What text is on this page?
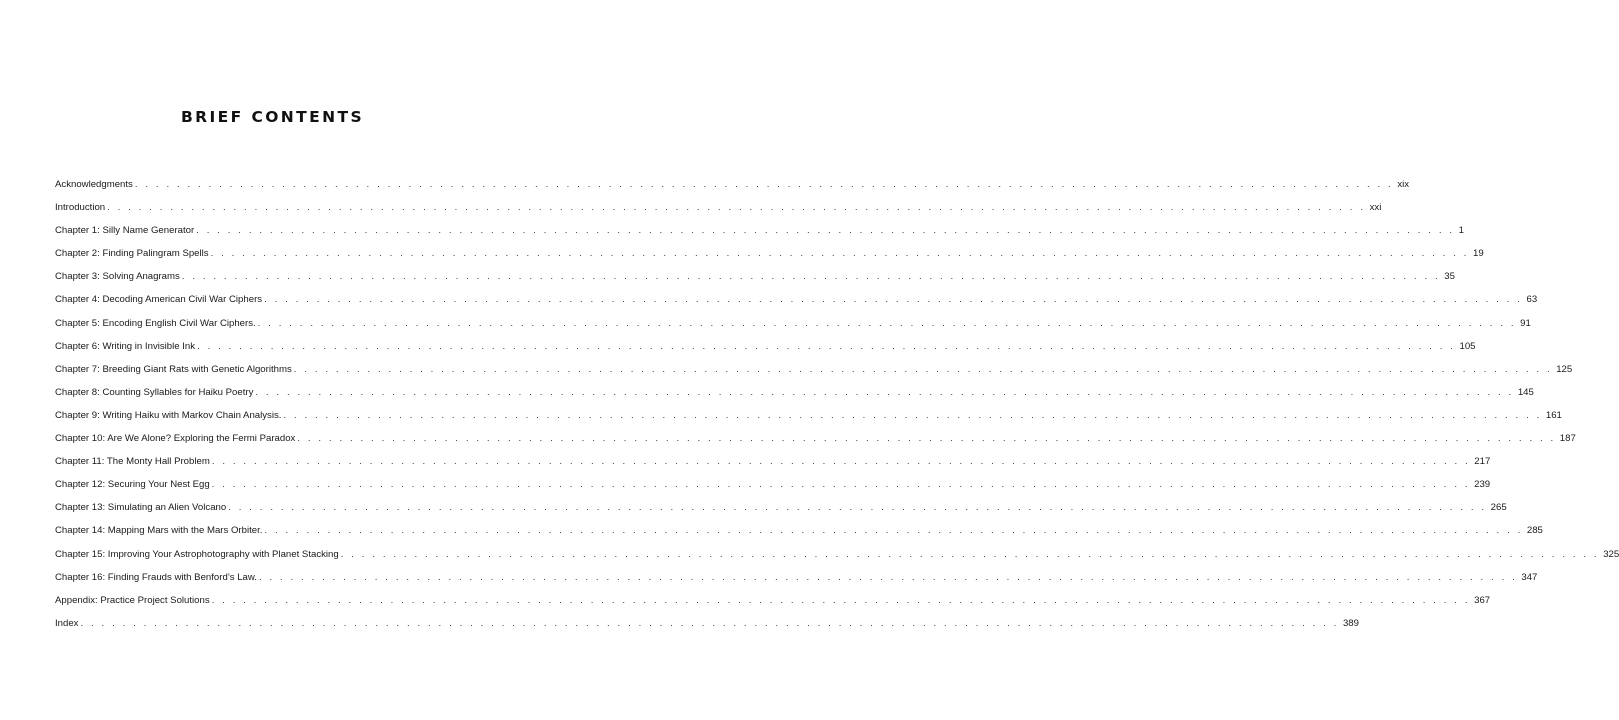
BRIEF CONTENTS
Acknowledgments . . . . . . . . . . . . . . . . . . . . . . . . . . . . . . . . . . . . . . . . . . . . . . . . . . . . . . . . . . . . . . . . . . . . . . . . . . . . . . . . . . . . . . . . . . . . . . . . . . . . . . . . . . . . . . . . . . . . . . . . xix
Introduction . . . . . . . . . . . . . . . . . . . . . . . . . . . . . . . . . . . . . . . . . . . . . . . . . . . . . . . . . . . . . . . . . . . . . . . . . . . . . . . . . . . . . . . . . . . . . . . . . . . . . . . . . . . . . . . . . . . . . . . . xxi
Chapter 1: Silly Name Generator . . . . . . . . . . . . . . . . . . . . . . . . . . . . . . . . . . . . . . . . . . . . . . . . . . . . . . . . . . . . . . . . . . . . . . . . . . . . . . . . . . . . . . . . . . . . . . . . . . . . . . . . . . . . . . . . . . . . . . . . 1
Chapter 2: Finding Palingram Spells . . . . . . . . . . . . . . . . . . . . . . . . . . . . . . . . . . . . . . . . . . . . . . . . . . . . . . . . . . . . . . . . . . . . . . . . . . . . . . . . . . . . . . . . . . . . . . . . . . . . . . . . . . . . . . . . . . . . . . . . 19
Chapter 3: Solving Anagrams . . . . . . . . . . . . . . . . . . . . . . . . . . . . . . . . . . . . . . . . . . . . . . . . . . . . . . . . . . . . . . . . . . . . . . . . . . . . . . . . . . . . . . . . . . . . . . . . . . . . . . . . . . . . . . . . . . . . . . . . 35
Chapter 4: Decoding American Civil War Ciphers . . . . . . . . . . . . . . . . . . . . . . . . . . . . . . . . . . . . . . . . . . . . . . . . . . . . . . . . . . . . . . . . . . . . . . . . . . . . . . . . . . . . . . . . . . . . . . . . . . . . . . . . . . . . . . . . . . . . . . . . 63
Chapter 5: Encoding English Civil War Ciphers. . . . . . . . . . . . . . . . . . . . . . . . . . . . . . . . . . . . . . . . . . . . . . . . . . . . . . . . . . . . . . . . . . . . . . . . . . . . . . . . . . . . . . . . . . . . . . . . . . . . . . . . . . . . . . . . . . . . . . . . . 91
Chapter 6: Writing in Invisible Ink . . . . . . . . . . . . . . . . . . . . . . . . . . . . . . . . . . . . . . . . . . . . . . . . . . . . . . . . . . . . . . . . . . . . . . . . . . . . . . . . . . . . . . . . . . . . . . . . . . . . . . . . . . . . . . . . . . . . . . . . 105
Chapter 7: Breeding Giant Rats with Genetic Algorithms . . . . . . . . . . . . . . . . . . . . . . . . . . . . . . . . . . . . . . . . . . . . . . . . . . . . . . . . . . . . . . . . . . . . . . . . . . . . . . . . . . . . . . . . . . . . . . . . . . . . . . . . . . . . . . . . . . . . . . . . 125
Chapter 8: Counting Syllables for Haiku Poetry . . . . . . . . . . . . . . . . . . . . . . . . . . . . . . . . . . . . . . . . . . . . . . . . . . . . . . . . . . . . . . . . . . . . . . . . . . . . . . . . . . . . . . . . . . . . . . . . . . . . . . . . . . . . . . . . . . . . . . . . 145
Chapter 9: Writing Haiku with Markov Chain Analysis. . . . . . . . . . . . . . . . . . . . . . . . . . . . . . . . . . . . . . . . . . . . . . . . . . . . . . . . . . . . . . . . . . . . . . . . . . . . . . . . . . . . . . . . . . . . . . . . . . . . . . . . . . . . . . . . . . . . . . . . . 161
Chapter 10: Are We Alone? Exploring the Fermi Paradox . . . . . . . . . . . . . . . . . . . . . . . . . . . . . . . . . . . . . . . . . . . . . . . . . . . . . . . . . . . . . . . . . . . . . . . . . . . . . . . . . . . . . . . . . . . . . . . . . . . . . . . . . . . . . . . . . . . . . . . . 187
Chapter 11: The Monty Hall Problem . . . . . . . . . . . . . . . . . . . . . . . . . . . . . . . . . . . . . . . . . . . . . . . . . . . . . . . . . . . . . . . . . . . . . . . . . . . . . . . . . . . . . . . . . . . . . . . . . . . . . . . . . . . . . . . . . . . . . . . . 217
Chapter 12: Securing Your Nest Egg . . . . . . . . . . . . . . . . . . . . . . . . . . . . . . . . . . . . . . . . . . . . . . . . . . . . . . . . . . . . . . . . . . . . . . . . . . . . . . . . . . . . . . . . . . . . . . . . . . . . . . . . . . . . . . . . . . . . . . . . 239
Chapter 13: Simulating an Alien Volcano . . . . . . . . . . . . . . . . . . . . . . . . . . . . . . . . . . . . . . . . . . . . . . . . . . . . . . . . . . . . . . . . . . . . . . . . . . . . . . . . . . . . . . . . . . . . . . . . . . . . . . . . . . . . . . . . . . . . . . . . 265
Chapter 14: Mapping Mars with the Mars Orbiter. . . . . . . . . . . . . . . . . . . . . . . . . . . . . . . . . . . . . . . . . . . . . . . . . . . . . . . . . . . . . . . . . . . . . . . . . . . . . . . . . . . . . . . . . . . . . . . . . . . . . . . . . . . . . . . . . . . . . . . . . 285
Chapter 15: Improving Your Astrophotography with Planet Stacking . . . . . . . . . . . . . . . . . . . . . . . . . . . . . . . . . . . . . . . . . . . . . . . . . . . . . . . . . . . . . . . . . . . . . . . . . . . . . . . . . . . . . . . . . . . . . . . . . . . . . . . . . . . . . . . . . . . . . . . . 325
Chapter 16: Finding Frauds with Benford’s Law. . . . . . . . . . . . . . . . . . . . . . . . . . . . . . . . . . . . . . . . . . . . . . . . . . . . . . . . . . . . . . . . . . . . . . . . . . . . . . . . . . . . . . . . . . . . . . . . . . . . . . . . . . . . . . . . . . . . . . . . . 347
Appendix: Practice Project Solutions . . . . . . . . . . . . . . . . . . . . . . . . . . . . . . . . . . . . . . . . . . . . . . . . . . . . . . . . . . . . . . . . . . . . . . . . . . . . . . . . . . . . . . . . . . . . . . . . . . . . . . . . . . . . . . . . . . . . . . . . 367
Index . . . . . . . . . . . . . . . . . . . . . . . . . . . . . . . . . . . . . . . . . . . . . . . . . . . . . . . . . . . . . . . . . . . . . . . . . . . . . . . . . . . . . . . . . . . . . . . . . . . . . . . . . . . . . . . . . . . . . . . . 389
